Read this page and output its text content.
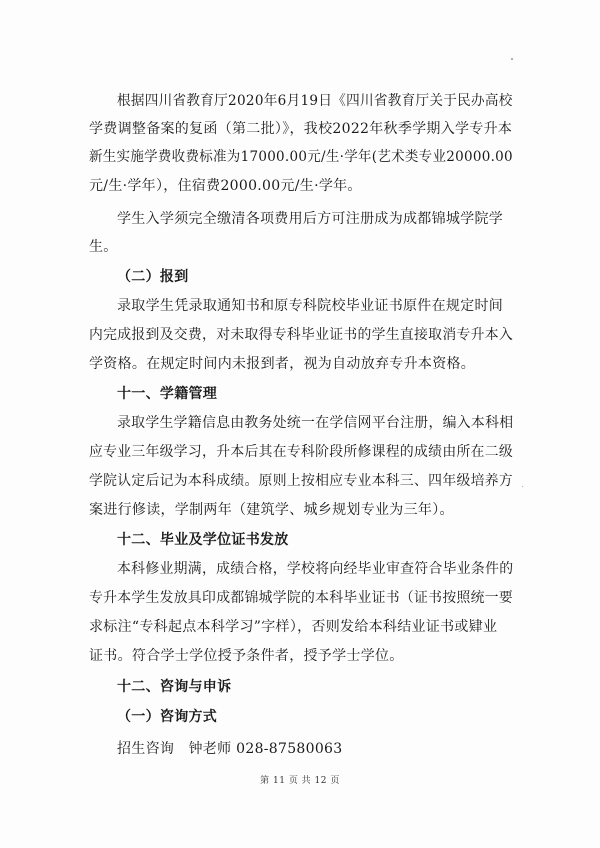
根据四川省教育厅2020年6月19日《四川省教育厅关于民办高校
学费调整备案的复函（第二批）》，我校2022年秋季学期入学专升本
新生实施学费收费标准为17000.00元/生·学年(艺术类专业20000.00
元/生·学年），住宿费2000.00元/生·学年。
学生入学须完全缴清各项费用后方可注册成为成都锦城学院学
生。
（二）报到
录取学生凭录取通知书和原专科院校毕业证书原件在规定时间
内完成报到及交费，对未取得专科毕业证书的学生直接取消专升本入
学资格。在规定时间内未报到者，视为自动放弃专升本资格。
十一、学籍管理
录取学生学籍信息由教务处统一在学信网平台注册，编入本科相
应专业三年级学习，升本后其在专科阶段所修课程的成绩由所在二级
学院认定后记为本科成绩。原则上按相应专业本科三、四年级培养方
案进行修读，学制两年（建筑学、城乡规划专业为三年）。
十二、毕业及学位证书发放
本科修业期满，成绩合格，学校将向经毕业审查符合毕业条件的
专升本学生发放具印成都锦城学院的本科毕业证书（证书按照统一要
求标注“专科起点本科学习”字样），否则发给本科结业证书或肄业
证书。符合学士学位授予条件者，授予学士学位。
十二、咨询与申诉
（一）咨询方式
招生咨询　钟老师 028-87580063
第 11 页 共 12 页
